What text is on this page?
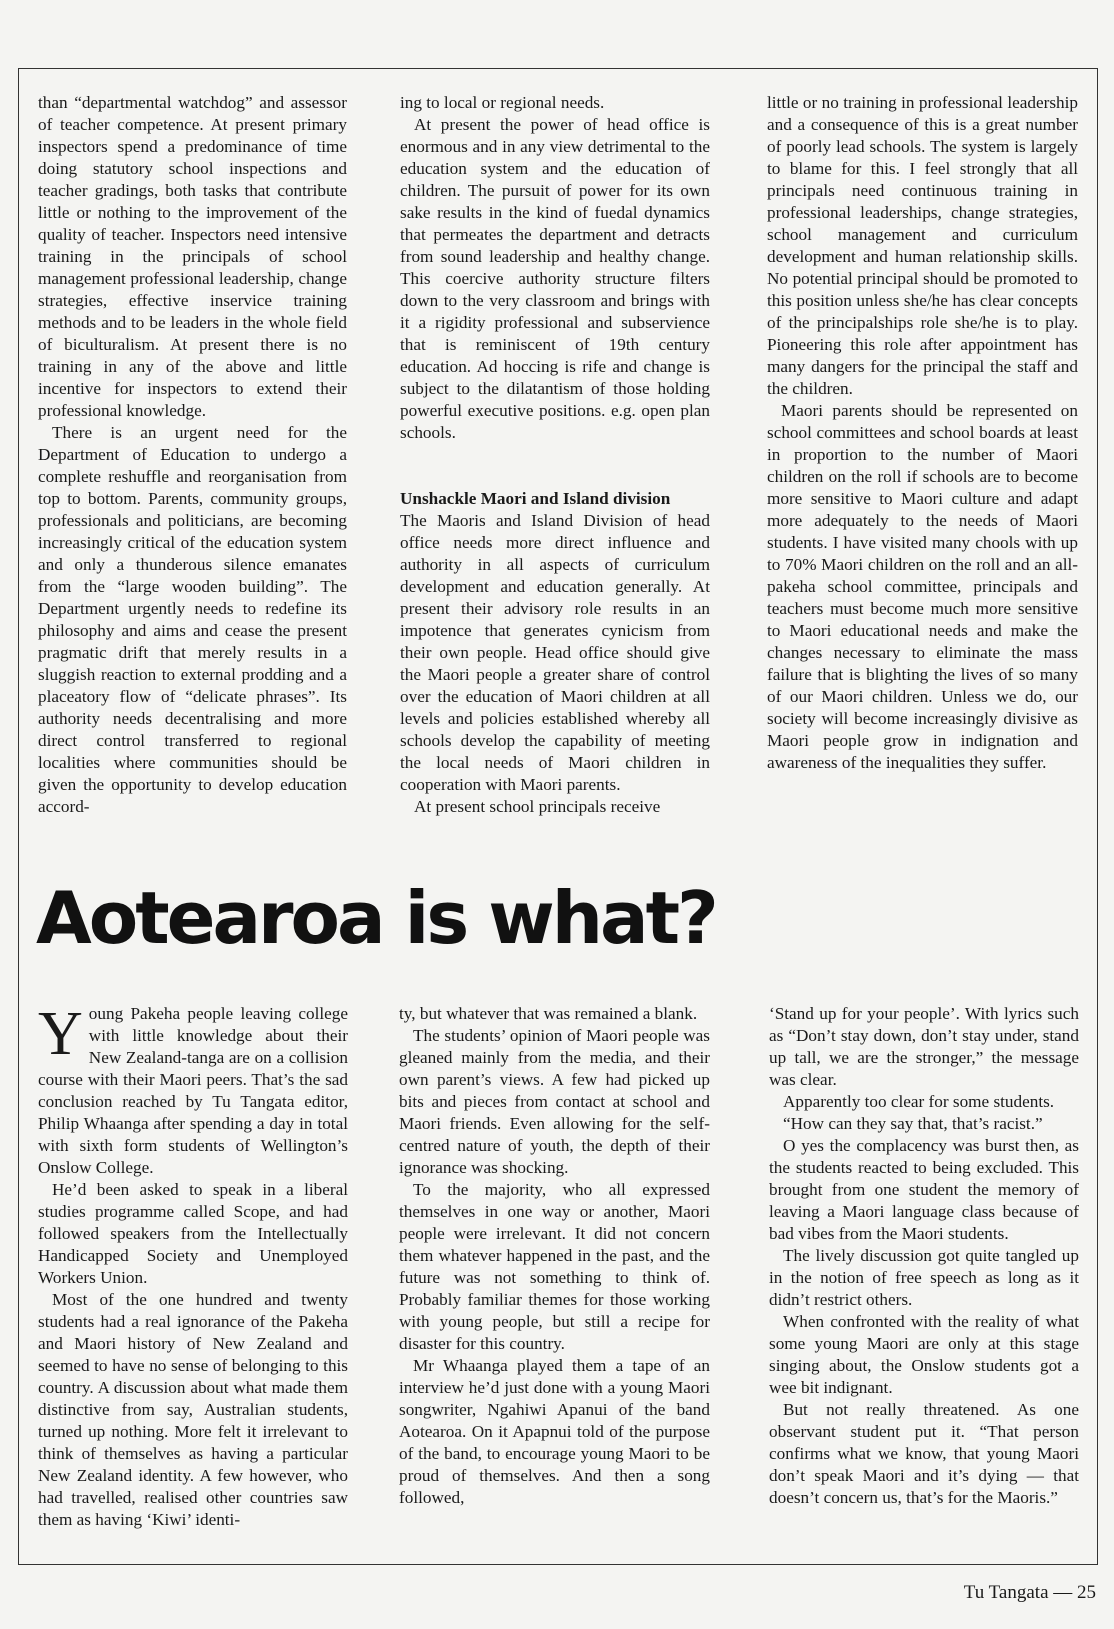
than “departmental watchdog” and assessor of teacher competence. At present primary inspectors spend a predominance of time doing statutory school inspections and teacher gradings, both tasks that contribute little or nothing to the improvement of the quality of teacher. Inspectors need intensive training in the principals of school management professional leadership, change strategies, effective inservice training methods and to be leaders in the whole field of biculturalism. At present there is no training in any of the above and little incentive for inspectors to extend their professional knowledge.

There is an urgent need for the Department of Education to undergo a complete reshuffle and reorganisation from top to bottom. Parents, community groups, professionals and politicians, are becoming increasingly critical of the education system and only a thunderous silence emanates from the “large wooden building”. The Department urgently needs to redefine its philosophy and aims and cease the present pragmatic drift that merely results in a sluggish reaction to external prodding and a placeatory flow of “delicate phrases”. Its authority needs decentralising and more direct control transferred to regional localities where communities should be given the opportunity to develop education accord-

ing to local or regional needs.

At present the power of head office is enormous and in any view detrimental to the education system and the education of children. The pursuit of power for its own sake results in the kind of fuedal dynamics that permeates the department and detracts from sound leadership and healthy change. This coercive authority structure filters down to the very classroom and brings with it a rigidity professional and subservience that is reminiscent of 19th century education. Ad hoccing is rife and change is subject to the dilatantism of those holding powerful executive positions. e.g. open plan schools.

Unshackle Maori and Island division

The Maoris and Island Division of head office needs more direct influence and authority in all aspects of curriculum development and education generally. At present their advisory role results in an impotence that generates cynicism from their own people. Head office should give the Maori people a greater share of control over the education of Maori children at all levels and policies established whereby all schools develop the capability of meeting the local needs of Maori children in cooperation with Maori parents.

At present school principals receive

little or no training in professional leadership and a consequence of this is a great number of poorly lead schools. The system is largely to blame for this. I feel strongly that all principals need continuous training in professional leaderships, change strategies, school management and curriculum development and human relationship skills. No potential principal should be promoted to this position unless she/he has clear concepts of the principalships role she/he is to play. Pioneering this role after appointment has many dangers for the principal the staff and the children.

Maori parents should be represented on school committees and school boards at least in proportion to the number of Maori children on the roll if schools are to become more sensitive to Maori culture and adapt more adequately to the needs of Maori students. I have visited many chools with up to 70% Maori children on the roll and an all-pakeha school committee, principals and teachers must become much more sensitive to Maori educational needs and make the changes necessary to eliminate the mass failure that is blighting the lives of so many of our Maori children. Unless we do, our society will become increasingly divisive as Maori people grow in indignation and awareness of the inequalities they suffer.

Aotearoa is what?

Young Pakeha people leaving college with little knowledge about their New Zealand-tanga are on a collision course with their Maori peers. That’s the sad conclusion reached by Tu Tangata editor, Philip Whaanga after spending a day in total with sixth form students of Wellington’s Onslow College.

He’d been asked to speak in a liberal studies programme called Scope, and had followed speakers from the Intellectually Handicapped Society and Unemployed Workers Union.

Most of the one hundred and twenty students had a real ignorance of the Pakeha and Maori history of New Zealand and seemed to have no sense of belonging to this country. A discussion about what made them distinctive from say, Australian students, turned up nothing. More felt it irrelevant to think of themselves as having a particular New Zealand identity. A few however, who had travelled, realised other countries saw them as having ‘Kiwi’ identi-

ty, but whatever that was remained a blank.

The students’ opinion of Maori people was gleaned mainly from the media, and their own parent’s views. A few had picked up bits and pieces from contact at school and Maori friends. Even allowing for the self-centred nature of youth, the depth of their ignorance was shocking.

To the majority, who all expressed themselves in one way or another, Maori people were irrelevant. It did not concern them whatever happened in the past, and the future was not something to think of. Probably familiar themes for those working with young people, but still a recipe for disaster for this country.

Mr Whaanga played them a tape of an interview he’d just done with a young Maori songwriter, Ngahiwi Apanui of the band Aotearoa. On it Apapnui told of the purpose of the band, to encourage young Maori to be proud of themselves. And then a song followed,

‘Stand up for your people’. With lyrics such as “Don’t stay down, don’t stay under, stand up tall, we are the stronger,” the message was clear.

Apparently too clear for some students.

“How can they say that, that’s racist.”

O yes the complacency was burst then, as the students reacted to being excluded. This brought from one student the memory of leaving a Maori language class because of bad vibes from the Maori students.

The lively discussion got quite tangled up in the notion of free speech as long as it didn’t restrict others.

When confronted with the reality of what some young Maori are only at this stage singing about, the Onslow students got a wee bit indignant.

But not really threatened. As one observant student put it. “That person confirms what we know, that young Maori don’t speak Maori and it’s dying — that doesn’t concern us, that’s for the Maoris.”

Tu Tangata — 25
